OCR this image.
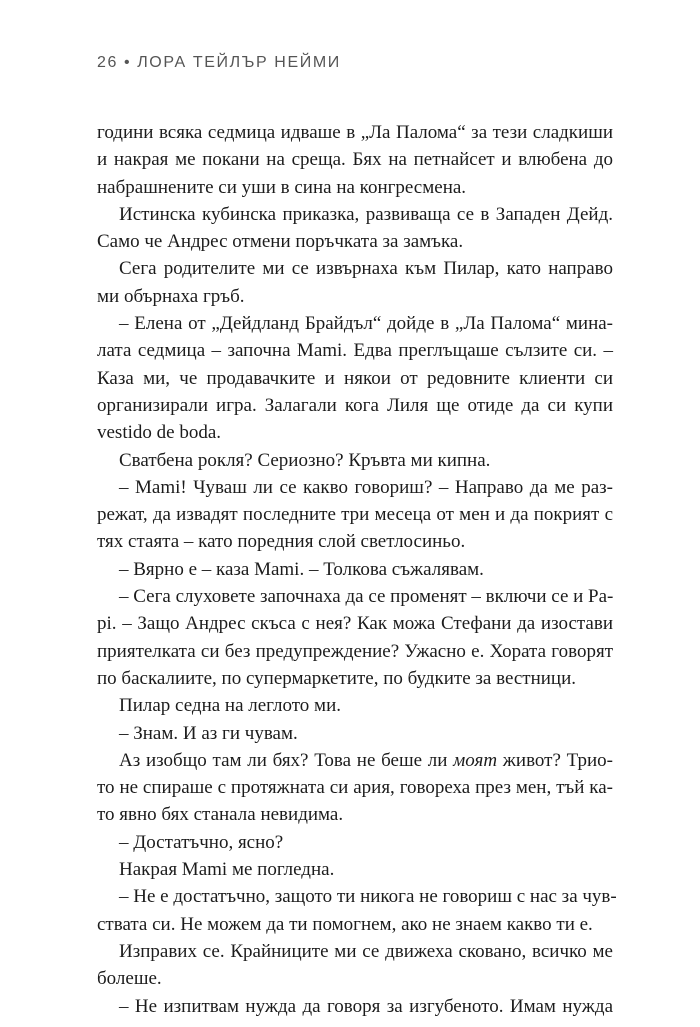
26 • ЛОРА ТЕЙЛЪР НЕЙМИ
години всяка седмица идваше в „Ла Палома“ за тези сладкиши
и накрая ме покани на среща. Бях на петнайсет и влюбена до
набрашнените си уши в сина на конгресмена.
Истинска кубинска приказка, развиваща се в Западен Дейд.
Само че Андрес отмени поръчката за замъка.
Сега родителите ми се извърнаха към Пилар, като направо
ми обърнаха гръб.
– Елена от „Дейдланд Брайдъл“ дойде в „Ла Палома“ мина-
лата седмица – започна Mami. Едва преглъщаше сълзите си. –
Каза ми, че продавачките и някои от редовните клиенти си
организирали игра. Залагали кога Лиля ще отиде да си купи
vestido de boda.
Сватбена рокля? Сериозно? Кръвта ми кипна.
– Mami! Чуваш ли се какво говориш? – Направо да ме раз-
режат, да извадят последните три месеца от мен и да покрият с
тях стаята – като поредния слой светлосиньо.
– Вярно е – каза Mami. – Толкова съжалявам.
– Сега слуховете започнаха да се променят – включи се и Pa-
pi. – Защо Андрес скъса с нея? Как можа Стефани да изостави
приятелката си без предупреждение? Ужасно е. Хората говорят
по баскалиите, по супермаркетите, по будките за вестници.
Пилар седна на леглото ми.
– Знам. И аз ги чувам.
Аз изобщо там ли бях? Това не беше ли моят живот? Трио-
то не спираше с протяжната си ария, говореха през мен, тъй ка-
то явно бях станала невидима.
– Достатъчно, ясно?
Накрая Mami ме погледна.
– Не е достатъчно, защото ти никога не говориш с нас за чув-
ствата си. Не можем да ти помогнем, ако не знаем какво ти е.
Изправих се. Крайниците ми се движеха сковано, всичко ме
болеше.
– Не изпитвам нужда да говоря за изгубеното. Имам нужда
